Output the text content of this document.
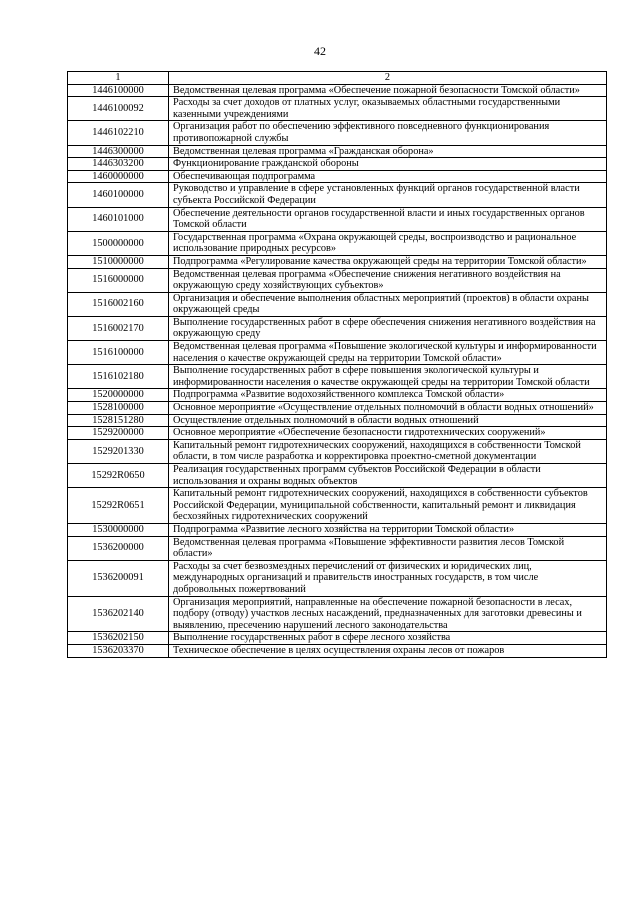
42
1	2
1446100000	Ведомственная целевая программа «Обеспечение пожарной безопасности Томской области»
1446100092	Расходы за счет доходов от платных услуг, оказываемых областными государственными казенными учреждениями
1446102210	Организация работ по обеспечению эффективного повседневного функционирования противопожарной службы
1446300000	Ведомственная целевая программа «Гражданская оборона»
1446303200	Функционирование гражданской обороны
1460000000	Обеспечивающая подпрограмма
1460100000	Руководство и управление в сфере установленных функций органов государственной власти субъекта Российской Федерации
1460101000	Обеспечение деятельности органов государственной власти и иных государственных органов Томской области
1500000000	Государственная программа «Охрана окружающей среды, воспроизводство и рациональное использование природных ресурсов»
1510000000	Подпрограмма «Регулирование качества окружающей среды на территории Томской области»
1516000000	Ведомственная целевая программа «Обеспечение снижения негативного воздействия на окружающую среду хозяйствующих субъектов»
1516002160	Организация и обеспечение выполнения областных мероприятий (проектов) в области охраны окружающей среды
1516002170	Выполнение государственных работ в сфере обеспечения снижения негативного воздействия на окружающую среду
1516100000	Ведомственная целевая программа «Повышение экологической культуры и информированности населения о качестве окружающей среды на территории Томской области»
1516102180	Выполнение государственных работ в сфере повышения экологической культуры и информированности населения о качестве окружающей среды на территории Томской области
1520000000	Подпрограмма «Развитие водохозяйственного комплекса Томской области»
1528100000	Основное мероприятие «Осуществление отдельных полномочий в области водных отношений»
1528151280	Осуществление отдельных полномочий в области водных отношений
1529200000	Основное мероприятие «Обеспечение безопасности гидротехнических сооружений»
1529201330	Капитальный ремонт гидротехнических сооружений, находящихся в собственности Томской области, в том числе разработка и корректировка проектно-сметной документации
15292R0650	Реализация государственных программ субъектов Российской Федерации в области использования и охраны водных объектов
15292R0651	Капитальный ремонт гидротехнических сооружений, находящихся в собственности субъектов Российской Федерации, муниципальной собственности, капитальный ремонт и ликвидация бесхозяйных гидротехнических сооружений
1530000000	Подпрограмма «Развитие лесного хозяйства на территории Томской области»
1536200000	Ведомственная целевая программа «Повышение эффективности развития лесов Томской области»
1536200091	Расходы за счет безвозмездных перечислений от физических и юридических лиц, международных организаций и правительств иностранных государств, в том числе добровольных пожертвований
1536202140	Организация мероприятий, направленные на обеспечение пожарной безопасности в лесах, подбору (отводу) участков лесных насаждений, предназначенных для заготовки древесины и выявлению, пресечению нарушений лесного законодательства
1536202150	Выполнение государственных работ в сфере лесного хозяйства
1536203370	Техническое обеспечение в целях осуществления охраны лесов от пожаров
